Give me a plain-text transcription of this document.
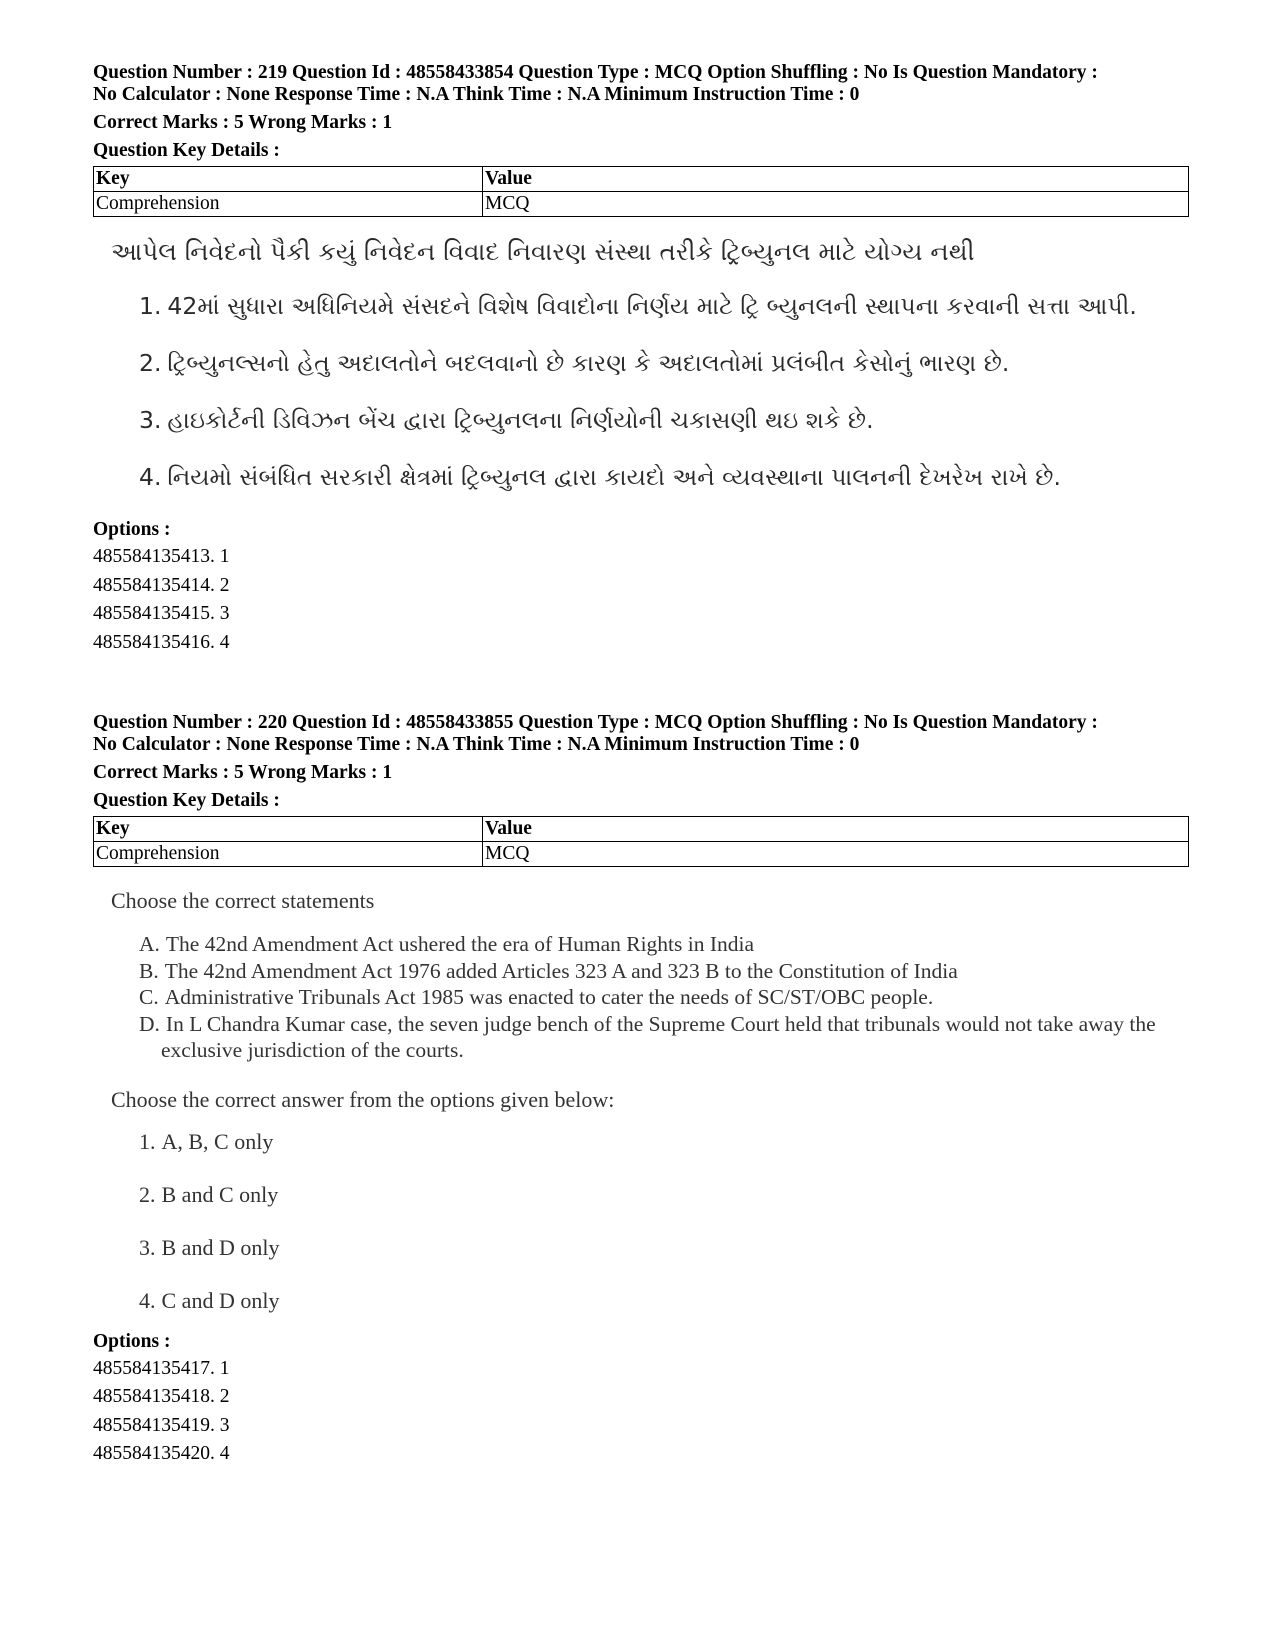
Question Number : 219 Question Id : 48558433854 Question Type : MCQ Option Shuffling : No Is Question Mandatory :
No Calculator : None Response Time : N.A Think Time : N.A Minimum Instruction Time : 0
Correct Marks : 5 Wrong Marks : 1
Question Key Details :
Key	Value
Comprehension	MCQ
આપેલ નિવેદનો પૈકી કયું નિવેદન વિવાદ નિવારણ સંસ્થા તરીકે ટ્રિબ્યુનલ માટે યોગ્ય નથી
1. 42માં સુધારા અધિનિયમે સંસદને વિશેષ વિવાદોના નિર્ણય માટે ટ્રિ બ્યુનલની સ્થાપના કરવાની સત્તા આપી.
2. ટ્રિબ્યુનલ્સનો હેતુ અદાલતોને બદલવાનો છે કારણ કે અદાલતોમાં પ્રલંબીત કેસોનું ભારણ છે.
3. હાઇકોર્ટની ડિવિઝન બેંચ દ્વારા ટ્રિબ્યુનલના નિર્ણયોની ચકાસણી થઇ શકે છે.
4. નિયમો સંબંધિત સરકારી ક્ષેત્રમાં ટ્રિબ્યુનલ દ્વારા કાયદો અને વ્યવસ્થાના પાલનની દેખરેખ રાખે છે.
Options :
485584135413. 1
485584135414. 2
485584135415. 3
485584135416. 4
Question Number : 220 Question Id : 48558433855 Question Type : MCQ Option Shuffling : No Is Question Mandatory :
No Calculator : None Response Time : N.A Think Time : N.A Minimum Instruction Time : 0
Correct Marks : 5 Wrong Marks : 1
Question Key Details :
Key	Value
Comprehension	MCQ
Choose the correct statements
A. The 42nd Amendment Act ushered the era of Human Rights in India
B. The 42nd Amendment Act 1976 added Articles 323 A and 323 B to the Constitution of India
C. Administrative Tribunals Act 1985 was enacted to cater the needs of SC/ST/OBC people.
D. In L Chandra Kumar case, the seven judge bench of the Supreme Court held that tribunals would not take away the exclusive jurisdiction of the courts.
Choose the correct answer from the options given below:
1. A, B, C only
2. B and C only
3. B and D only
4. C and D only
Options :
485584135417. 1
485584135418. 2
485584135419. 3
485584135420. 4
